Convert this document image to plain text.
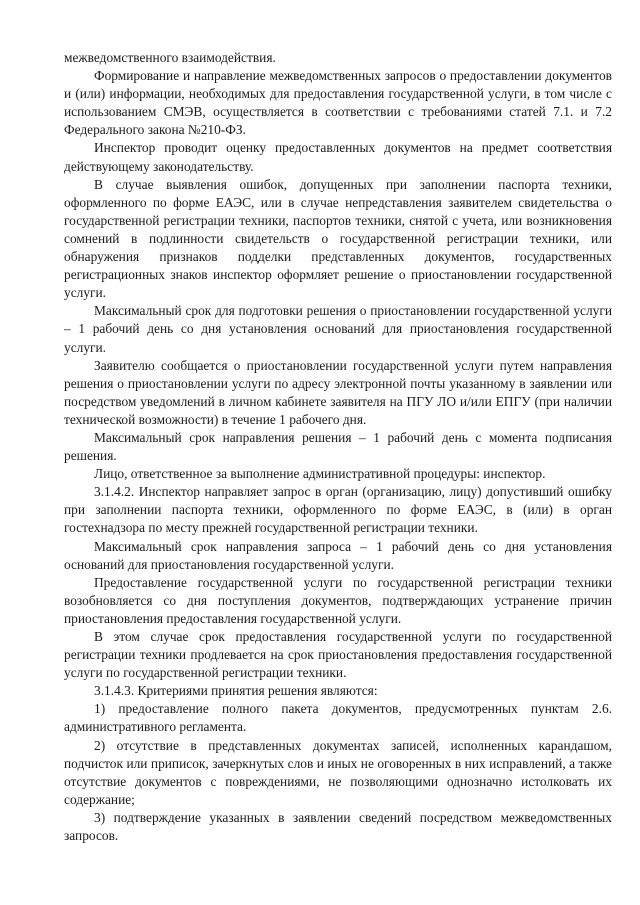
межведомственного взаимодействия.

Формирование и направление межведомственных запросов о предоставлении документов и (или) информации, необходимых для предоставления государственной услуги, в том числе с использованием СМЭВ, осуществляется в соответствии с требованиями статей 7.1. и 7.2 Федерального закона №210-ФЗ.

Инспектор проводит оценку предоставленных документов на предмет соответствия действующему законодательству.

В случае выявления ошибок, допущенных при заполнении паспорта техники, оформленного по форме ЕАЭС, или в случае непредставления заявителем свидетельства о государственной регистрации техники, паспортов техники, снятой с учета, или возникновения сомнений в подлинности свидетельств о государственной регистрации техники, или обнаружения признаков подделки представленных документов, государственных регистрационных знаков инспектор оформляет решение о приостановлении государственной услуги.

Максимальный срок для подготовки решения о приостановлении государственной услуги – 1 рабочий день со дня установления оснований для приостановления государственной услуги.

Заявителю сообщается о приостановлении государственной услуги путем направления решения о приостановлении услуги по адресу электронной почты указанному в заявлении или посредством уведомлений в личном кабинете заявителя на ПГУ ЛО и/или ЕПГУ (при наличии технической возможности) в течение 1 рабочего дня.

Максимальный срок направления решения – 1 рабочий день с момента подписания решения.

Лицо, ответственное за выполнение административной процедуры: инспектор.

3.1.4.2. Инспектор направляет запрос в орган (организацию, лицу) допустивший ошибку при заполнении паспорта техники, оформленного по форме ЕАЭС, в (или) в орган гостехнадзора по месту прежней государственной регистрации техники.

Максимальный срок направления запроса – 1 рабочий день со дня установления оснований для приостановления государственной услуги.

Предоставление государственной услуги по государственной регистрации техники возобновляется со дня поступления документов, подтверждающих устранение причин приостановления предоставления государственной услуги.

В этом случае срок предоставления государственной услуги по государственной регистрации техники продлевается на срок приостановления предоставления государственной услуги по государственной регистрации техники.

3.1.4.3. Критериями принятия решения являются:

1) предоставление полного пакета документов, предусмотренных пунктам 2.6. административного регламента.

2) отсутствие в представленных документах записей, исполненных карандашом, подчисток или приписок, зачеркнутых слов и иных не оговоренных в них исправлений, а также отсутствие документов с повреждениями, не позволяющими однозначно истолковать их содержание;

3) подтверждение указанных в заявлении сведений посредством межведомственных запросов.
